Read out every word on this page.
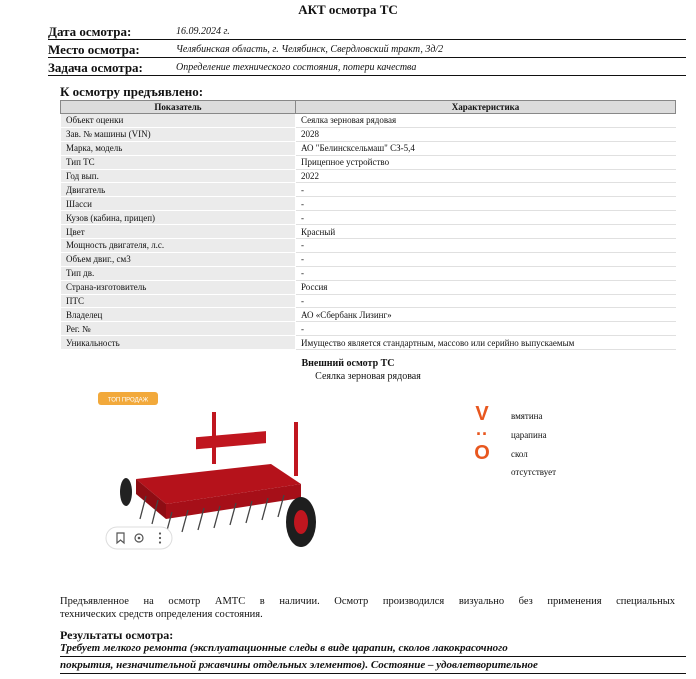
АКТ осмотра ТС
Дата осмотра:	16.09.2024 г.
Место осмотра:	Челябинская область, г. Челябинск, Свердловский тракт, 3д/2
Задача осмотра:	Определение технического состояния, потери качества
К осмотру предъявлено:
Показатель	Характеристика
Объект оценки	Сеялка зерновая рядовая
Зав. № машины (VIN)	2028
Марка, модель	АО "Белинсксельмаш" СЗ-5,4
Тип ТС	Прицепное устройство
Год вып.	2022
Двигатель	-
Шасси	-
Кузов (кабина, прицеп)	-
Цвет	Красный
Мощность двигателя, л.с.	-
Объем двиг., см3	-
Тип дв.	-
Страна-изготовитель	Россия
ПТС	-
Владелец	АО «Сбербанк Лизинг»
Рег. №	-
Уникальность	Имущество является стандартным, массово или серийно выпускаемым
Внешний осмотр ТС
Сеялка зерновая рядовая
ТОП ПРОДАЖ
V	вмятина
··	царапина
O	скол
отсутствует
Предъявленное на осмотр АМТС в наличии. Осмотр производился визуально без применения специальных
технических средств определения состояния.
Результаты осмотра:
Требует мелкого ремонта (эксплуатационные следы в виде царапин, сколов лакокрасочного
покрытия, незначительной ржавчины отдельных элементов). Состояние – удовлетворительное
